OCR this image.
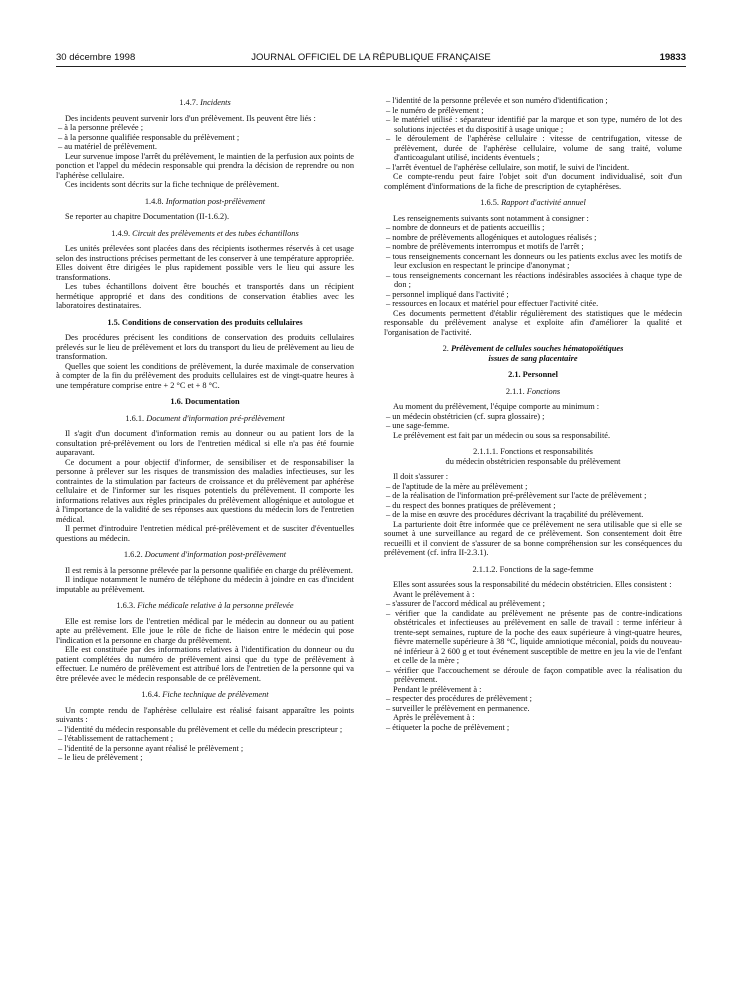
30 décembre 1998	JOURNAL OFFICIEL DE LA RÉPUBLIQUE FRANÇAISE	19833

1.4.7. Incidents

Des incidents peuvent survenir lors d'un prélèvement. Ils peuvent être liés :

– à la personne prélevée ;

– à la personne qualifiée responsable du prélèvement ;

– au matériel de prélèvement.

Leur survenue impose l'arrêt du prélèvement, le maintien de la perfusion aux points de ponction et l'appel du médecin responsable qui prendra la décision de reprendre ou non l'aphérèse cellulaire.

Ces incidents sont décrits sur la fiche technique de prélèvement.

1.4.8. Information post-prélèvement

Se reporter au chapitre Documentation (II-1.6.2).

1.4.9. Circuit des prélèvements et des tubes échantillons

Les unités prélevées sont placées dans des récipients isothermes réservés à cet usage selon des instructions précises permettant de les conserver à une température appropriée. Elles doivent être dirigées le plus rapidement possible vers le lieu qui assure les transformations.

Les tubes échantillons doivent être bouchés et transportés dans un récipient hermétique approprié et dans des conditions de conservation établies avec les laboratoires destinataires.

1.5. Conditions de conservation des produits cellulaires

Des procédures précisent les conditions de conservation des produits cellulaires prélevés sur le lieu de prélèvement et lors du transport du lieu de prélèvement au lieu de transformation.

Quelles que soient les conditions de prélèvement, la durée maximale de conservation à compter de la fin du prélèvement des produits cellulaires est de vingt-quatre heures à une température comprise entre + 2 °C et + 8 °C.

1.6. Documentation

1.6.1. Document d'information pré-prélèvement

Il s'agit d'un document d'information remis au donneur ou au patient lors de la consultation pré-prélèvement ou lors de l'entretien médical si elle n'a pas été fournie auparavant.

Ce document a pour objectif d'informer, de sensibiliser et de responsabiliser la personne à prélever sur les risques de transmission des maladies infectieuses, sur les contraintes de la stimulation par facteurs de croissance et du prélèvement par aphérèse cellulaire et de l'informer sur les risques potentiels du prélèvement. Il comporte les informations relatives aux règles principales du prélèvement allogénique et autologue et à l'importance de la validité de ses réponses aux questions du médecin lors de l'entretien médical.

Il permet d'introduire l'entretien médical pré-prélèvement et de susciter d'éventuelles questions au médecin.

1.6.2. Document d'information post-prélèvement

Il est remis à la personne prélevée par la personne qualifiée en charge du prélèvement.

Il indique notamment le numéro de téléphone du médecin à joindre en cas d'incident imputable au prélèvement.

1.6.3. Fiche médicale relative à la personne prélevée

Elle est remise lors de l'entretien médical par le médecin au donneur ou au patient apte au prélèvement. Elle joue le rôle de fiche de liaison entre le médecin qui pose l'indication et la personne en charge du prélèvement.

Elle est constituée par des informations relatives à l'identification du donneur ou du patient complétées du numéro de prélèvement ainsi que du type de prélèvement à effectuer. Le numéro de prélèvement est attribué lors de l'entretien de la personne qui va être prélevée avec le médecin responsable de ce prélèvement.

1.6.4. Fiche technique de prélèvement

Un compte rendu de l'aphérèse cellulaire est réalisé faisant apparaître les points suivants :

– l'identité du médecin responsable du prélèvement et celle du médecin prescripteur ;

– l'établissement de rattachement ;

– l'identité de la personne ayant réalisé le prélèvement ;

– le lieu de prélèvement ;

– l'identité de la personne prélevée et son numéro d'identification ;

– le numéro de prélèvement ;

– le matériel utilisé : séparateur identifié par la marque et son type, numéro de lot des solutions injectées et du dispositif à usage unique ;

– le déroulement de l'aphérèse cellulaire : vitesse de centrifugation, vitesse de prélèvement, durée de l'aphérèse cellulaire, volume de sang traité, volume d'anticoagulant utilisé, incidents éventuels ;

– l'arrêt éventuel de l'aphérèse cellulaire, son motif, le suivi de l'incident.

Ce compte-rendu peut faire l'objet soit d'un document individualisé, soit d'un complément d'informations de la fiche de prescription de cytaphérèses.

1.6.5. Rapport d'activité annuel

Les renseignements suivants sont notamment à consigner :

– nombre de donneurs et de patients accueillis ;

– nombre de prélèvements allogéniques et autologues réalisés ;

– nombre de prélèvements interrompus et motifs de l'arrêt ;

– tous renseignements concernant les donneurs ou les patients exclus avec les motifs de leur exclusion en respectant le principe d'anonymat ;

– tous renseignements concernant les réactions indésirables associées à chaque type de don ;

– personnel impliqué dans l'activité ;

– ressources en locaux et matériel pour effectuer l'activité citée.

Ces documents permettent d'établir régulièrement des statistiques que le médecin responsable du prélèvement analyse et exploite afin d'améliorer la qualité et l'organisation de l'activité.

2. Prélèvement de cellules souches hématopoïétiques

issues de sang placentaire

2.1. Personnel

2.1.1. Fonctions

Au moment du prélèvement, l'équipe comporte au minimum :

– un médecin obstétricien (cf. supra glossaire) ;

– une sage-femme.

Le prélèvement est fait par un médecin ou sous sa responsabilité.

2.1.1.1. Fonctions et responsabilités

du médecin obstétricien responsable du prélèvement

Il doit s'assurer :

– de l'aptitude de la mère au prélèvement ;

– de la réalisation de l'information pré-prélèvement sur l'acte de prélèvement ;

– du respect des bonnes pratiques de prélèvement ;

– de la mise en œuvre des procédures décrivant la traçabilité du prélèvement.

La parturiente doit être informée que ce prélèvement ne sera utilisable que si elle se soumet à une surveillance au regard de ce prélèvement. Son consentement doit être recueilli et il convient de s'assurer de sa bonne compréhension sur les conséquences du prélèvement (cf. infra II-2.3.1).

2.1.1.2. Fonctions de la sage-femme

Elles sont assurées sous la responsabilité du médecin obstétricien. Elles consistent :

Avant le prélèvement à :

– s'assurer de l'accord médical au prélèvement ;

– vérifier que la candidate au prélèvement ne présente pas de contre-indications obstétricales et infectieuses au prélèvement en salle de travail : terme inférieur à trente-sept semaines, rupture de la poche des eaux supérieure à vingt-quatre heures, fièvre maternelle supérieure à 38 °C, liquide amniotique méconial, poids du nouveau-né inférieur à 2 600 g et tout événement susceptible de mettre en jeu la vie de l'enfant et celle de la mère ;

– vérifier que l'accouchement se déroule de façon compatible avec la réalisation du prélèvement.

Pendant le prélèvement à :

– respecter des procédures de prélèvement ;

– surveiller le prélèvement en permanence.

Après le prélèvement à :

– étiqueter la poche de prélèvement ;
